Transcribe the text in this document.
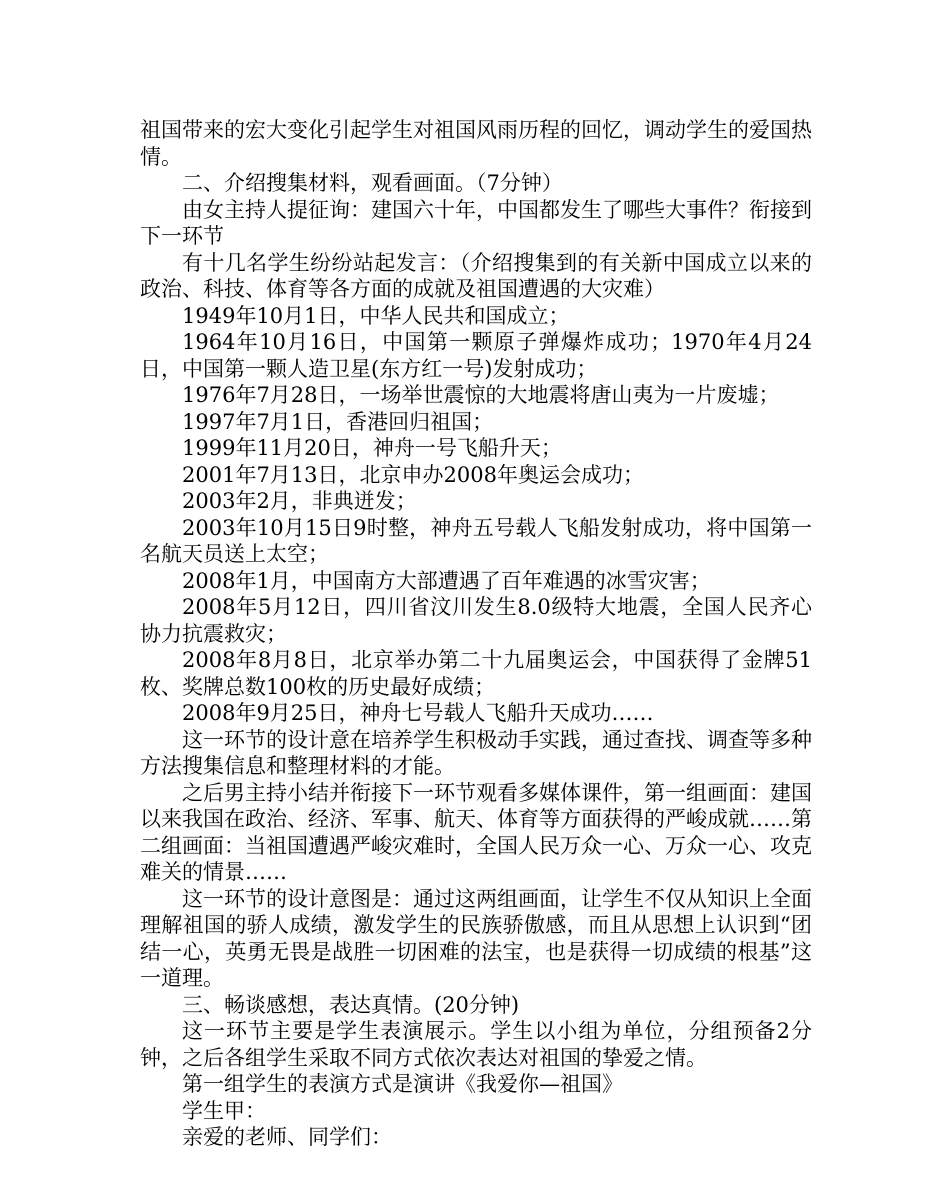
祖国带来的宏大变化引起学生对祖国风雨历程的回忆，调动学生的爱国热情。

二、介绍搜集材料，观看画面。（7分钟）

由女主持人提征询：建国六十年，中国都发生了哪些大事件？衔接到下一环节

有十几名学生纷纷站起发言：（介绍搜集到的有关新中国成立以来的政治、科技、体育等各方面的成就及祖国遭遇的大灾难）

1949年10月1日，中华人民共和国成立；

1964年10月16日，中国第一颗原子弹爆炸成功；1970年4月24日，中国第一颗人造卫星(东方红一号)发射成功；

1976年7月28日，一场举世震惊的大地震将唐山夷为一片废墟；

1997年7月1日，香港回归祖国；

1999年11月20日，神舟一号飞船升天；

2001年7月13日，北京申办2008年奥运会成功；

2003年2月，非典迸发；

2003年10月15日9时整，神舟五号载人飞船发射成功，将中国第一名航天员送上太空；

2008年1月，中国南方大部遭遇了百年难遇的冰雪灾害；

2008年5月12日，四川省汶川发生8.0级特大地震，全国人民齐心协力抗震救灾；

2008年8月8日，北京举办第二十九届奥运会，中国获得了金牌51枚、奖牌总数100枚的历史最好成绩；

2008年9月25日，神舟七号载人飞船升天成功……

这一环节的设计意在培养学生积极动手实践，通过查找、调查等多种方法搜集信息和整理材料的才能。

之后男主持小结并衔接下一环节观看多媒体课件，第一组画面：建国以来我国在政治、经济、军事、航天、体育等方面获得的严峻成就……第二组画面：当祖国遭遇严峻灾难时，全国人民万众一心、万众一心、攻克难关的情景……

这一环节的设计意图是：通过这两组画面，让学生不仅从知识上全面理解祖国的骄人成绩，激发学生的民族骄傲感，而且从思想上认识到“团结一心，英勇无畏是战胜一切困难的法宝，也是获得一切成绩的根基”这一道理。

三、畅谈感想，表达真情。(20分钟)

这一环节主要是学生表演展示。学生以小组为单位，分组预备2分钟，之后各组学生采取不同方式依次表达对祖国的挚爱之情。

第一组学生的表演方式是演讲《我爱你—祖国》

学生甲：

亲爱的老师、同学们：
